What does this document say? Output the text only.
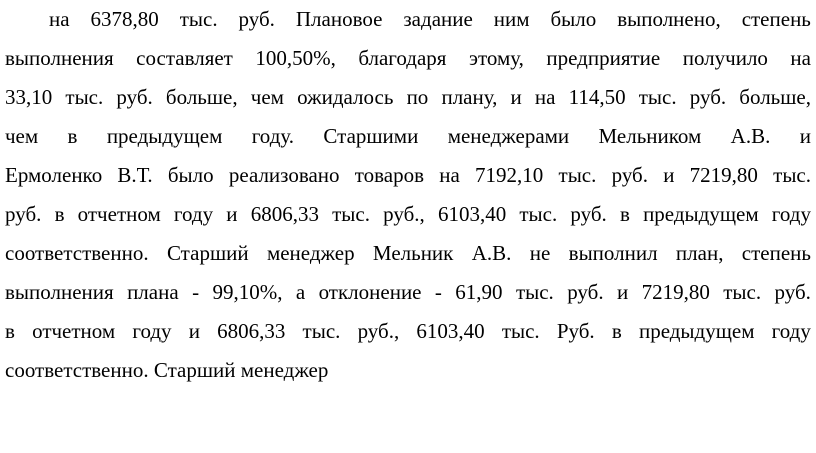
на 6378,80 тыс. руб. Плановое задание ним было выполнено, степень
выполнения составляет 100,50%, благодаря этому, предприятие получило на
33,10 тыс. руб. больше, чем ожидалось по плану, и на 114,50 тыс. руб. больше,
чем в предыдущем году. Старшими менеджерами Мельником А.В. и
Ермоленко В.Т. было реализовано товаров на 7192,10 тыс. руб. и 7219,80 тыс.
руб. в отчетном году и 6806,33 тыс. руб., 6103,40 тыс. руб. в предыдущем году
соответственно. Старший менеджер Мельник А.В. не выполнил план, степень
выполнения плана - 99,10%, а отклонение - 61,90 тыс. руб. и 7219,80 тыс. руб.
в отчетном году и 6806,33 тыс. руб., 6103,40 тыс. Руб. в предыдущем году
соответственно. Старший менеджер
